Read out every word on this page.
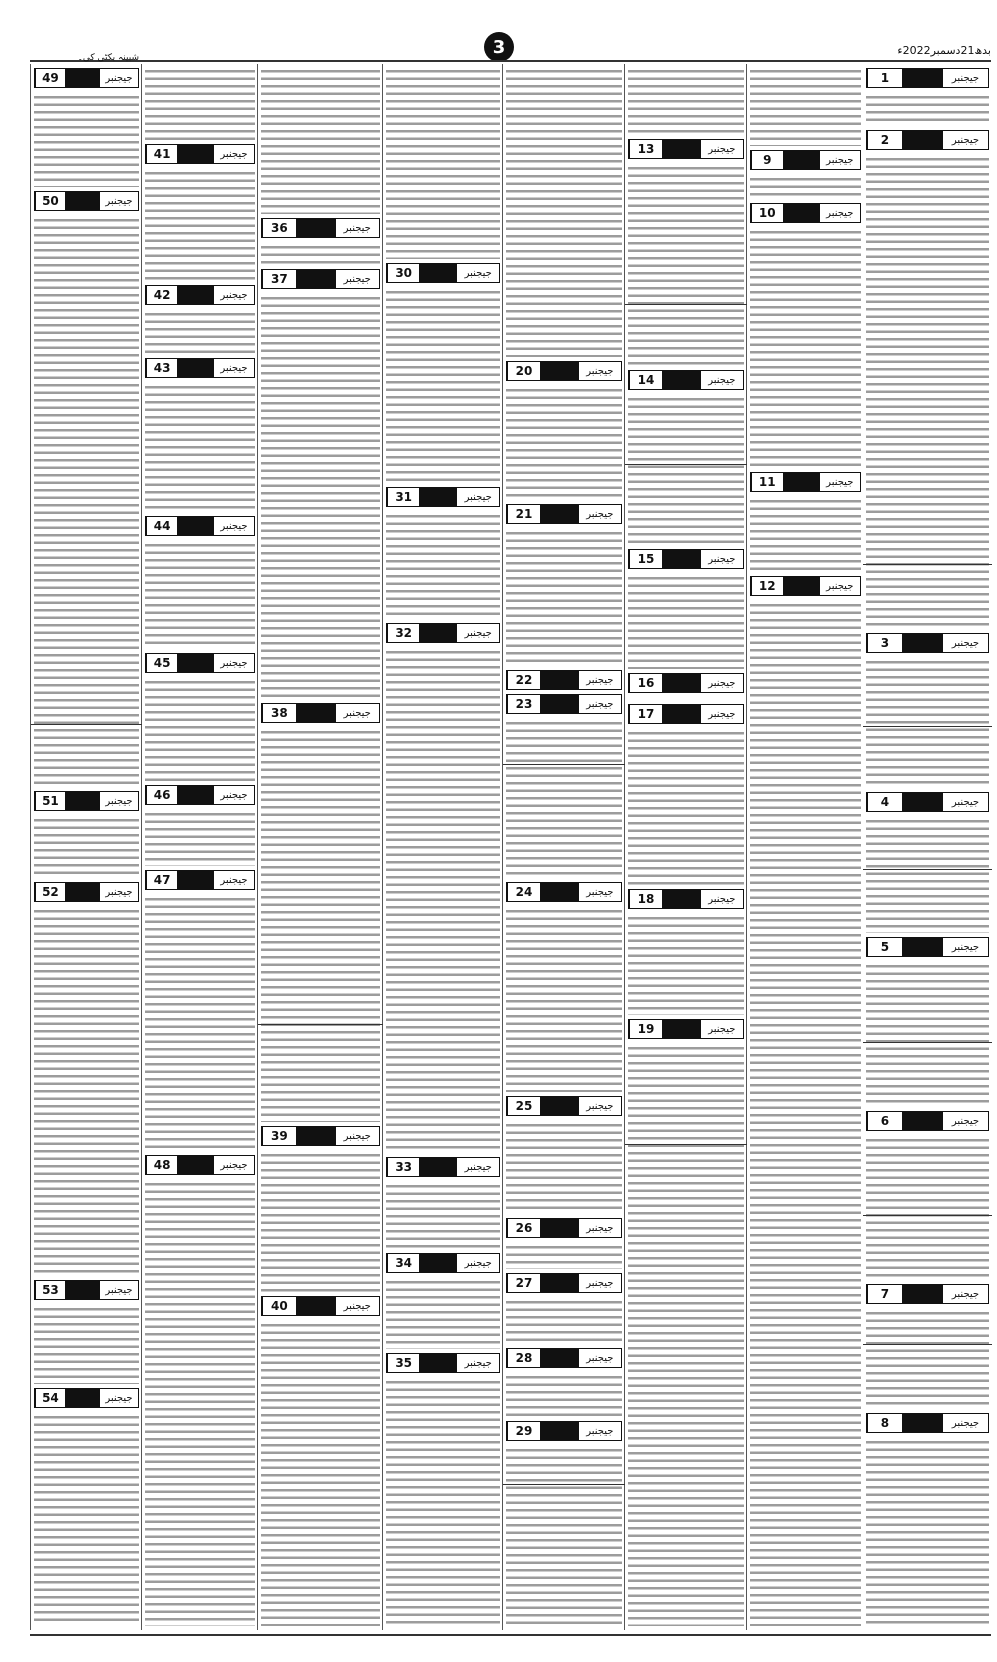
3	بدھ21دسمبر2022ء
1	جیجنبر
2	جیجنبر
3	جیجنبر
4	جیجنبر
5	جیجنبر
6	جیجنبر
7	جیجنبر
8	جیجنبر
9	جیجنبر
10	جیجنبر
11	جیجنبر
12	جیجنبر
13	جیجنبر
14	جیجنبر
15	جیجنبر
16	جیجنبر
17	جیجنبر
18	جیجنبر
19	جیجنبر
20	جیجنبر
21	جیجنبر
22	جیجنبر
23	جیجنبر
24	جیجنبر
25	جیجنبر
26	جیجنبر
27	جیجنبر
28	جیجنبر
29	جیجنبر
30	جیجنبر
31	جیجنبر
32	جیجنبر
33	جیجنبر
34	جیجنبر
35	جیجنبر
36	جیجنبر
37	جیجنبر
38	جیجنبر
39	جیجنبر
40	جیجنبر
41	جیجنبر
42	جیجنبر
43	جیجنبر
44	جیجنبر
45	جیجنبر
46	جیجنبر
47	جیجنبر
48	جیجنبر
شبینہ بکٹی کی۔
49	جیجنبر
50	جیجنبر
51	جیجنبر
52	جیجنبر
53	جیجنبر
54	جیجنبر
